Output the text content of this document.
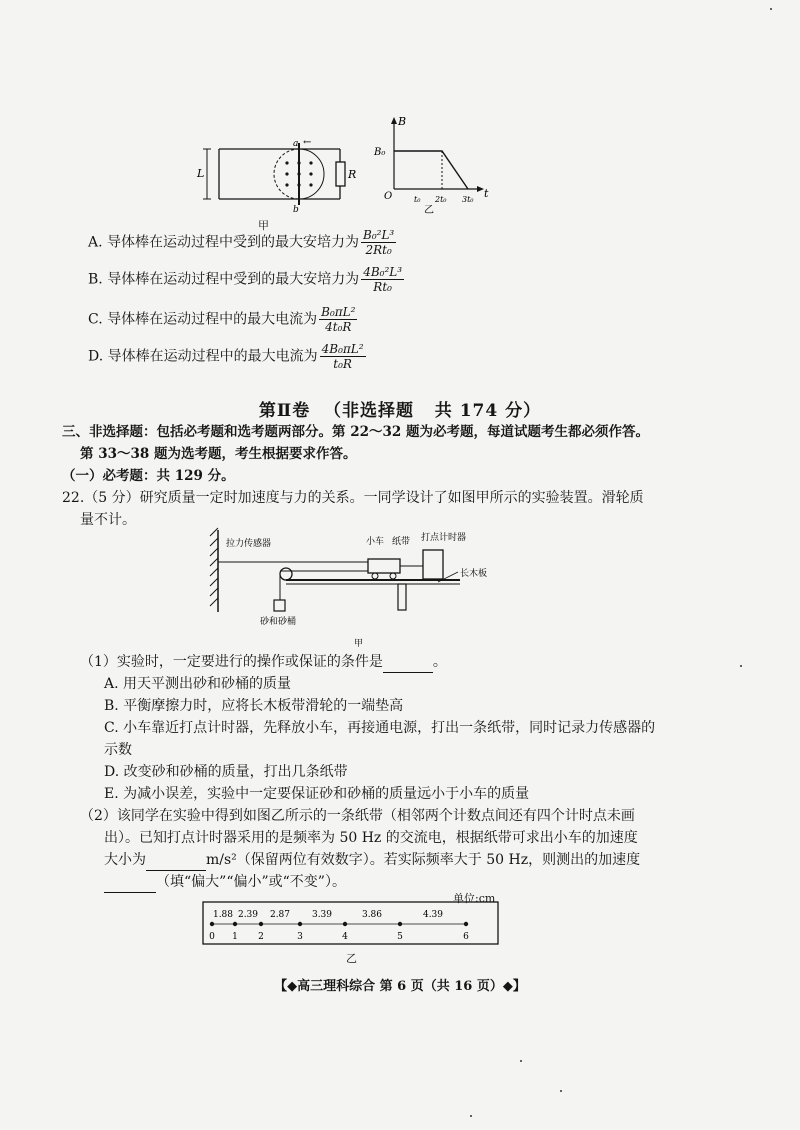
L	R
a
b
←
甲
B
t
O
B₀
t₀ 2t₀ 3t₀
乙
A. 导体棒在运动过程中受到的最大安培力为 $\frac{\text{B₀²L³}}{\text{2Rt₀}}$
B. 导体棒在运动过程中受到的最大安培力为 $\frac{\text{4B₀²L³}}{\text{Rt₀}}$
C. 导体棒在运动过程中的最大电流为 $\frac{\text{B₀πL²}}{\text{4t₀R}}$
D. 导体棒在运动过程中的最大电流为 $\frac{\text{4B₀πL²}}{\text{t₀R}}$
第Ⅱ卷  （非选择题   共 174 分）
三、非选择题：包括必考题和选考题两部分。第 22～32 题为必考题，每道试题考生都必须作答。
第 33～38 题为选考题，考生根据要求作答。
（一）必考题：共 129 分。
22.（5 分）研究质量一定时加速度与力的关系。一同学设计了如图甲所示的实验装置。滑轮质
量不计。
拉力传感器	小车 纸带 打点计时器
长木板
砂和砂桶
甲
（1）实验时，一定要进行的操作或保证的条件是	。
A. 用天平测出砂和砂桶的质量
B. 平衡摩擦力时，应将长木板带滑轮的一端垫高
C. 小车靠近打点计时器，先释放小车，再接通电源，打出一条纸带，同时记录力传感器的
示数
D. 改变砂和砂桶的质量，打出几条纸带
E. 为减小误差，实验中一定要保证砂和砂桶的质量远小于小车的质量
（2）该同学在实验中得到如图乙所示的一条纸带（相邻两个计数点间还有四个计时点未画
出）。已知打点计时器采用的是频率为 50 Hz 的交流电，根据纸带可求出小车的加速度
大小为	m/s²（保留两位有效数字）。若实际频率大于 50 Hz，则测出的加速度
（填“偏大”“偏小”或“不变”）。
单位:cm
1.88 2.39 2.87 3.39	3.86	4.39
0 1 2	3	4	5	6
乙
【◆高三理科综合 第 6 页（共 16 页）◆】
